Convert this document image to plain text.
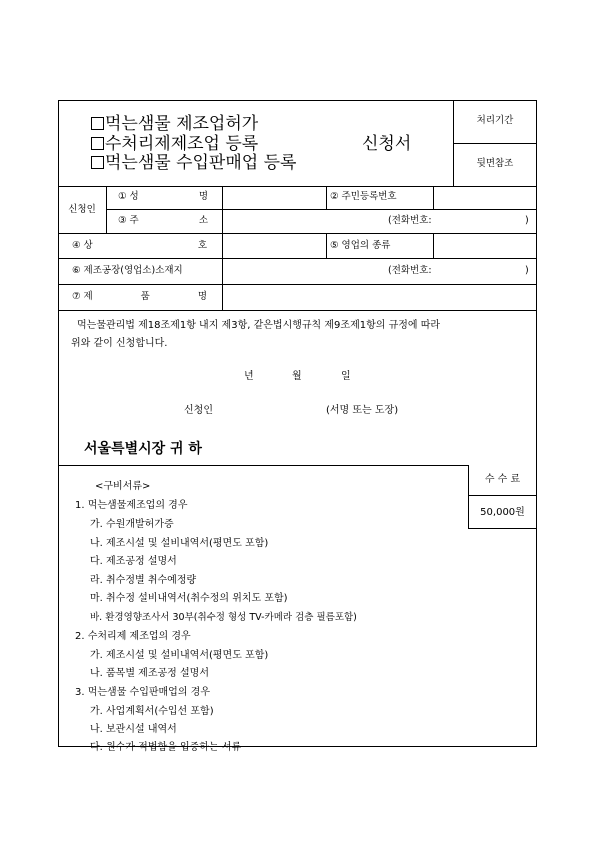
먹는샘물 제조업허가
수처리제제조업 등록
먹는샘물 수입판매업 등록
신청서
처리기간
뒷면참조
신청인
① 성	명	② 주민등록번호
③ 주	소	(전화번호:	)
④ 상	호	⑤ 영업의 종류
⑥ 제조공장(영업소)소재지	(전화번호:	)
⑦ 제	품	명
먹는물관리법 제18조제1항 내지 제3항, 같은법시행규칙 제9조제1항의 규정에 따라
위와 같이 신청합니다.
년	월	일
신청인	(서명 또는 도장)
서울특별시장 귀 하
수 수 료
50,000원
<구비서류>
1. 먹는샘물제조업의 경우
가. 수원개발허가증
나. 제조시설 및 설비내역서(평면도 포함)
다. 제조공정 설명서
라. 취수정별 취수예정량
마. 취수정 설비내역서(취수정의 위치도 포함)
바. 환경영향조사서 30부(취수정 형성 TV-카메라 검층 필름포함)
2. 수처리제 제조업의 경우
가. 제조시설 및 설비내역서(평면도 포함)
나. 품목별 제조공정 설명서
3. 먹는샘물 수입판매업의 경우
가. 사업계획서(수입선 포함)
나. 보관시설 내역서
다. 원수가 적법함을 입증하는 서류
